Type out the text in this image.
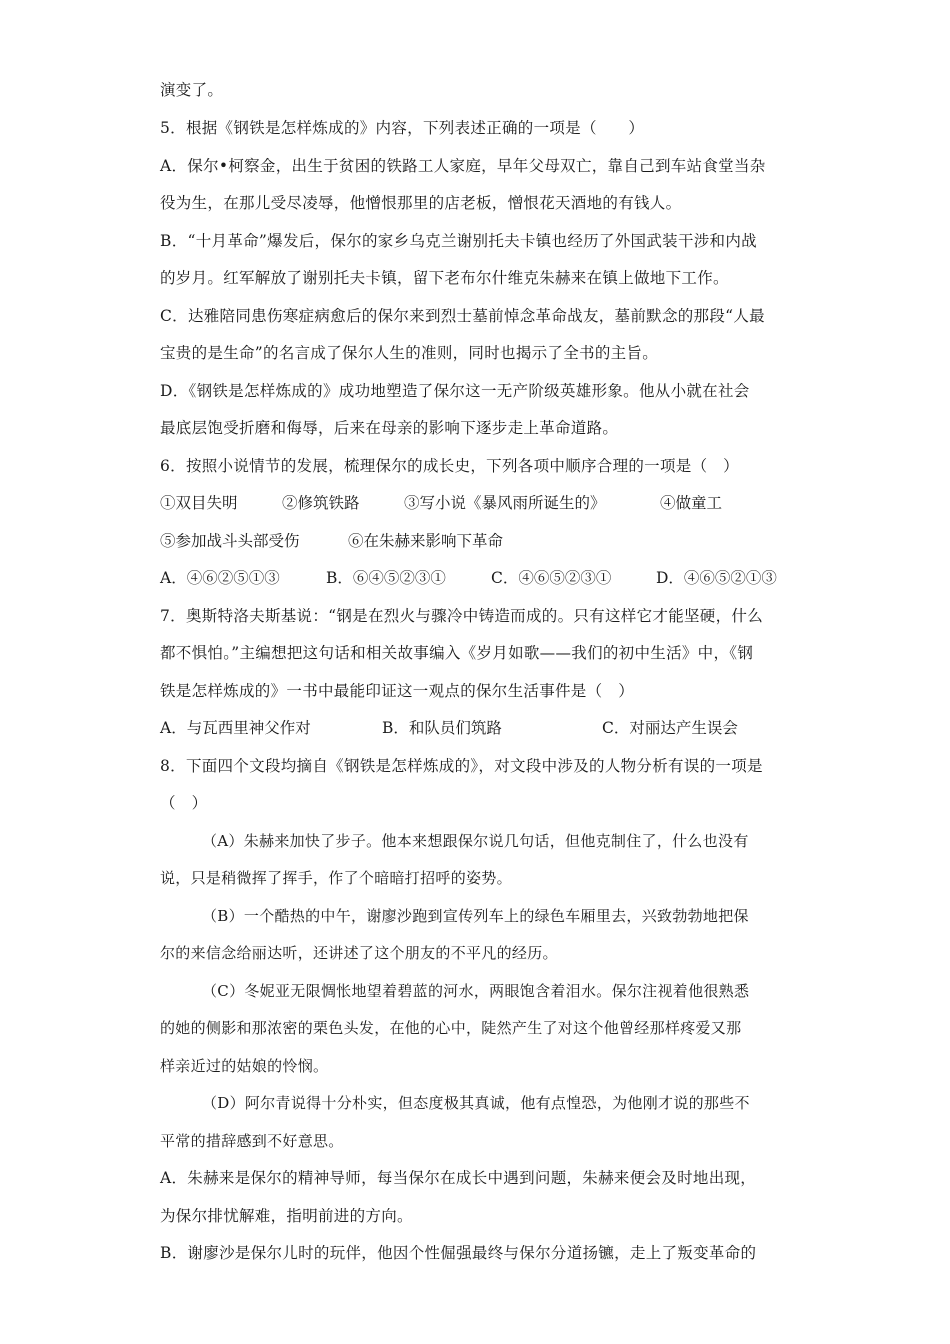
演变了。
5．根据《钢铁是怎样炼成的》内容，下列表述正确的一项是（　　）
A．保尔•柯察金，出生于贫困的铁路工人家庭，早年父母双亡，靠自己到车站食堂当杂
役为生，在那儿受尽凌辱，他憎恨那里的店老板，憎恨花天酒地的有钱人。
B．“十月革命”爆发后，保尔的家乡乌克兰谢别托夫卡镇也经历了外国武装干涉和内战
的岁月。红军解放了谢别托夫卡镇，留下老布尔什维克朱赫来在镇上做地下工作。
C．达雅陪同患伤寒症病愈后的保尔来到烈士墓前悼念革命战友，墓前默念的那段“人最
宝贵的是生命”的名言成了保尔人生的准则，同时也揭示了全书的主旨。
D．《钢铁是怎样炼成的》成功地塑造了保尔这一无产阶级英雄形象。他从小就在社会
最底层饱受折磨和侮辱，后来在母亲的影响下逐步走上革命道路。
6．按照小说情节的发展，梳理保尔的成长史，下列各项中顺序合理的一项是（　）
①双目失明	②修筑铁路	③写小说《暴风雨所诞生的》	④做童工
⑤参加战斗头部受伤	⑥在朱赫来影响下革命
A．④⑥②⑤①③	B．⑥④⑤②③①	C．④⑥⑤②③①	D．④⑥⑤②①③
7．奥斯特洛夫斯基说：“钢是在烈火与骤冷中铸造而成的。只有这样它才能坚硬，什么
都不惧怕。”主编想把这句话和相关故事编入《岁月如歌——我们的初中生活》中，《钢
铁是怎样炼成的》一书中最能印证这一观点的保尔生活事件是（　）
A．与瓦西里神父作对	B．和队员们筑路	C．对丽达产生误会
8．下面四个文段均摘自《钢铁是怎样炼成的》，对文段中涉及的人物分析有误的一项是
（　）
（A）朱赫来加快了步子。他本来想跟保尔说几句话，但他克制住了，什么也没有
说，只是稍微挥了挥手，作了个暗暗打招呼的姿势。
（B）一个酷热的中午，谢廖沙跑到宣传列车上的绿色车厢里去，兴致勃勃地把保
尔的来信念给丽达听，还讲述了这个朋友的不平凡的经历。
（C）冬妮亚无限惆怅地望着碧蓝的河水，两眼饱含着泪水。保尔注视着他很熟悉
的她的侧影和那浓密的栗色头发，在他的心中，陡然产生了对这个他曾经那样疼爱又那
样亲近过的姑娘的怜悯。
（D）阿尔青说得十分朴实，但态度极其真诚，他有点惶恐，为他刚才说的那些不
平常的措辞感到不好意思。
A．朱赫来是保尔的精神导师，每当保尔在成长中遇到问题，朱赫来便会及时地出现，
为保尔排忧解难，指明前进的方向。
B．谢廖沙是保尔儿时的玩伴，他因个性倔强最终与保尔分道扬镳，走上了叛变革命的
